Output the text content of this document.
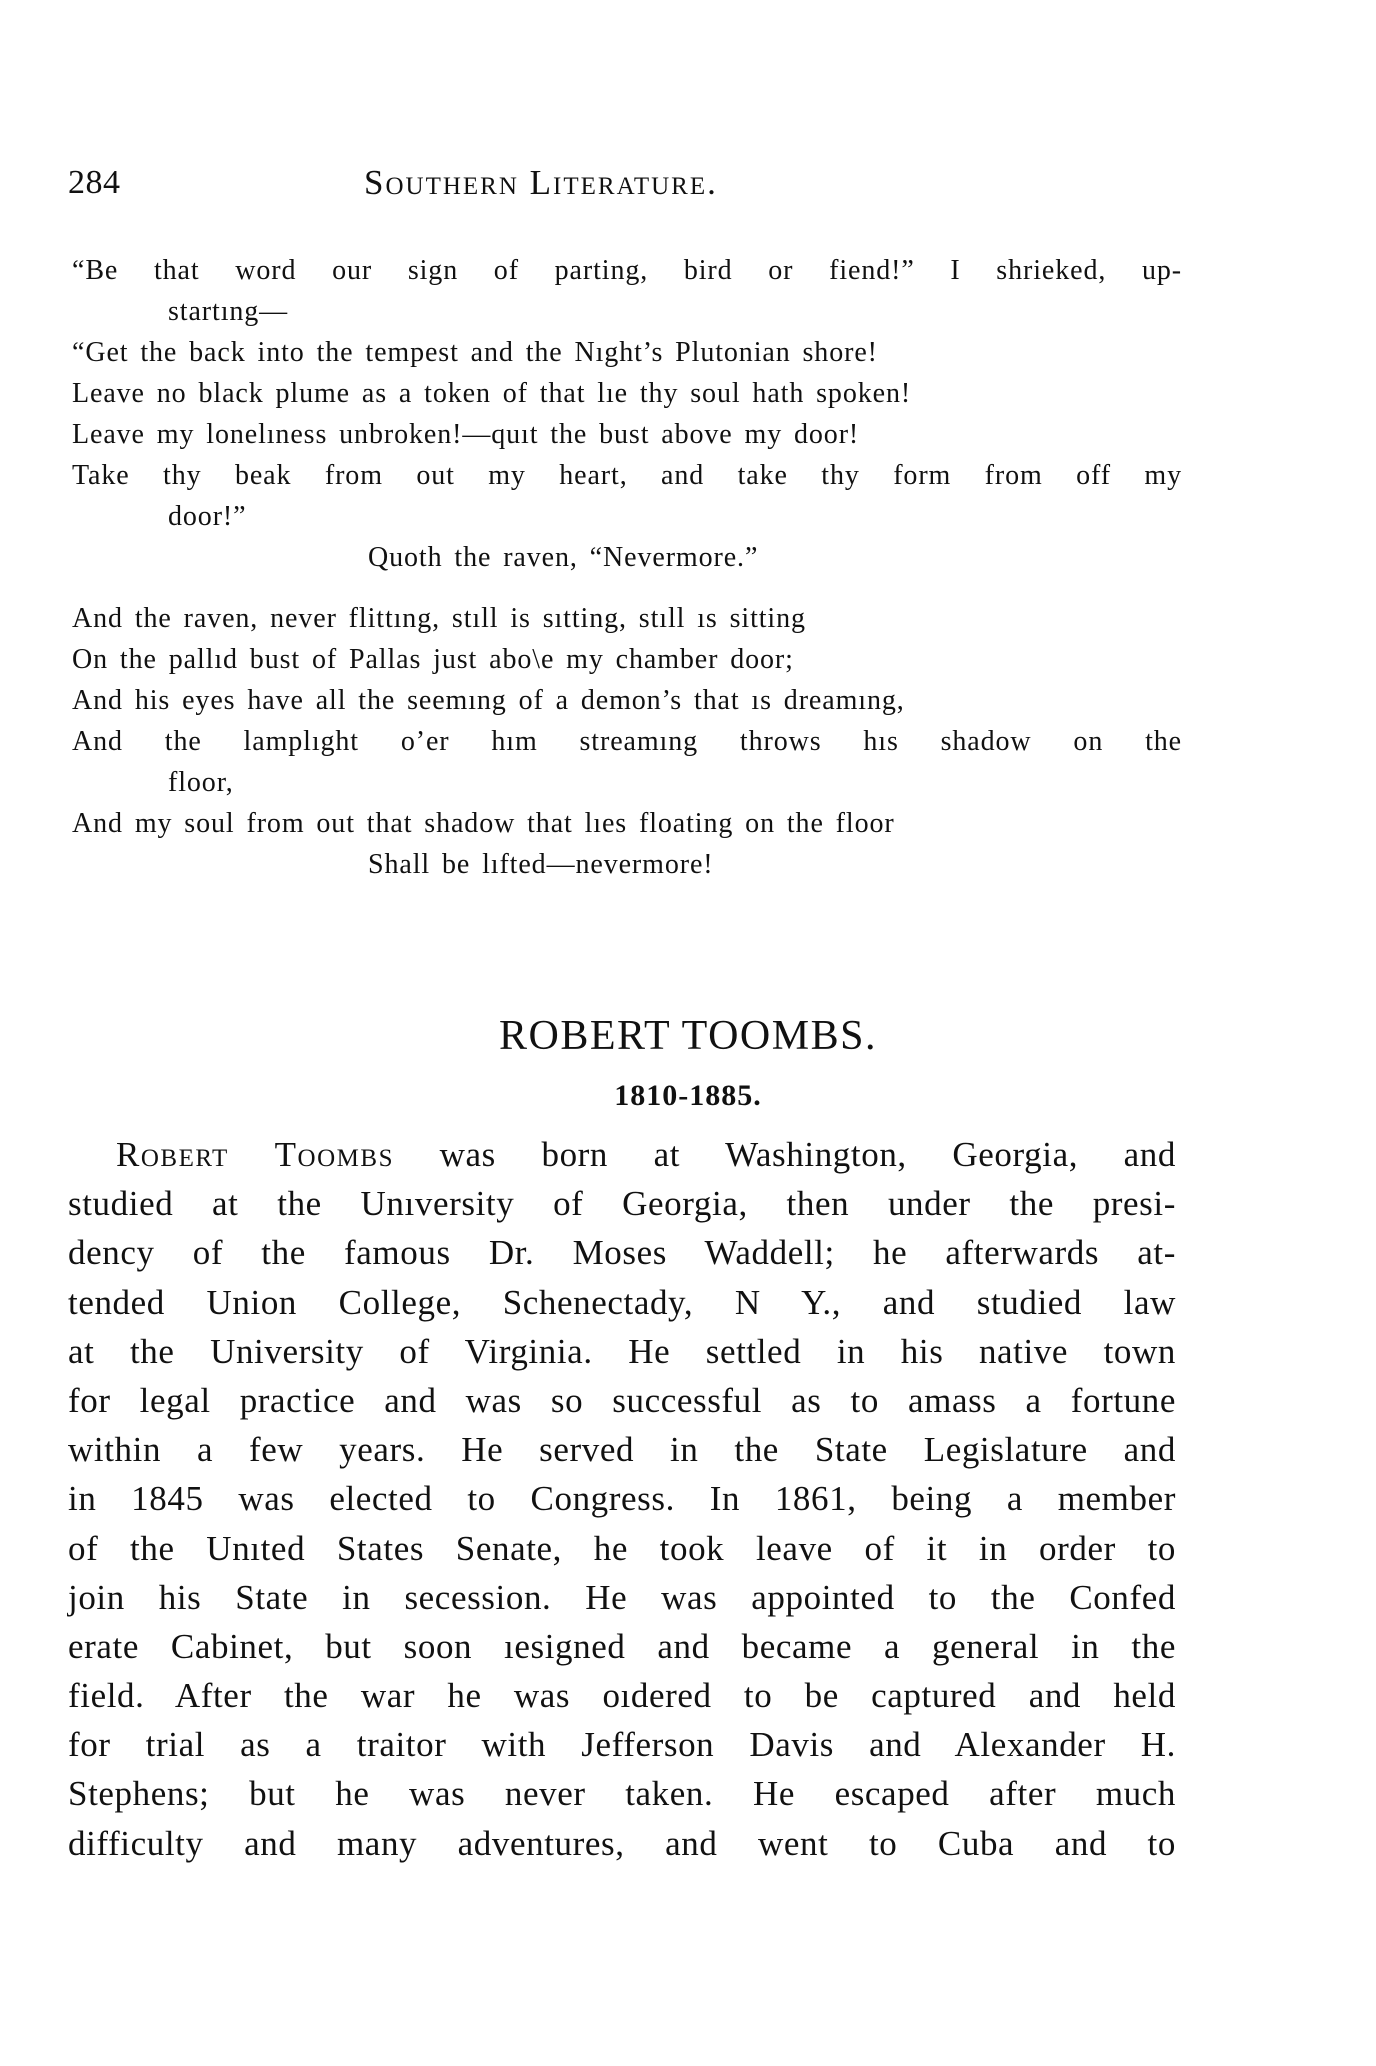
284	Southern Literature.
“Be that word our sign of parting, bird or fiend!” I shrieked, up-
startıng—
“Get the back into the tempest and the Nıght’s Plutonian shore!
Leave no black plume as a token of that lıe thy soul hath spoken!
Leave my lonelıness unbroken!—quıt the bust above my door!
Take thy beak from out my heart, and take thy form from off my
door!”
Quoth the raven, “Nevermore.”
And the raven, never flittıng, stıll is sıtting, stıll ıs sitting
On the pallıd bust of Pallas just abo\e my chamber door;
And his eyes have all the seemıng of a demon’s that ıs dreamıng,
And the lamplıght o’er hım streamıng throws hıs shadow on the
floor,
And my soul from out that shadow that lıes floating on the floor
Shall be lıfted—nevermore!
ROBERT TOOMBS.
1810-1885.
Robert Toombs was born at Washington, Georgia, and
studied at the Unıversity of Georgia, then under the presi-
dency of the famous Dr. Moses Waddell; he afterwards at-
tended Union College, Schenectady, N Y., and studied law
at the University of Virginia. He settled in his native town
for legal practice and was so successful as to amass a fortune
within a few years. He served in the State Legislature and
in 1845 was elected to Congress. In 1861, being a member
of the Unıted States Senate, he took leave of it in order to
join his State in secession. He was appointed to the Confed
erate Cabinet, but soon ıesigned and became a general in the
field. After the war he was oıdered to be captured and held
for trial as a traitor with Jefferson Davis and Alexander H.
Stephens; but he was never taken. He escaped after much
difficulty and many adventures, and went to Cuba and to
